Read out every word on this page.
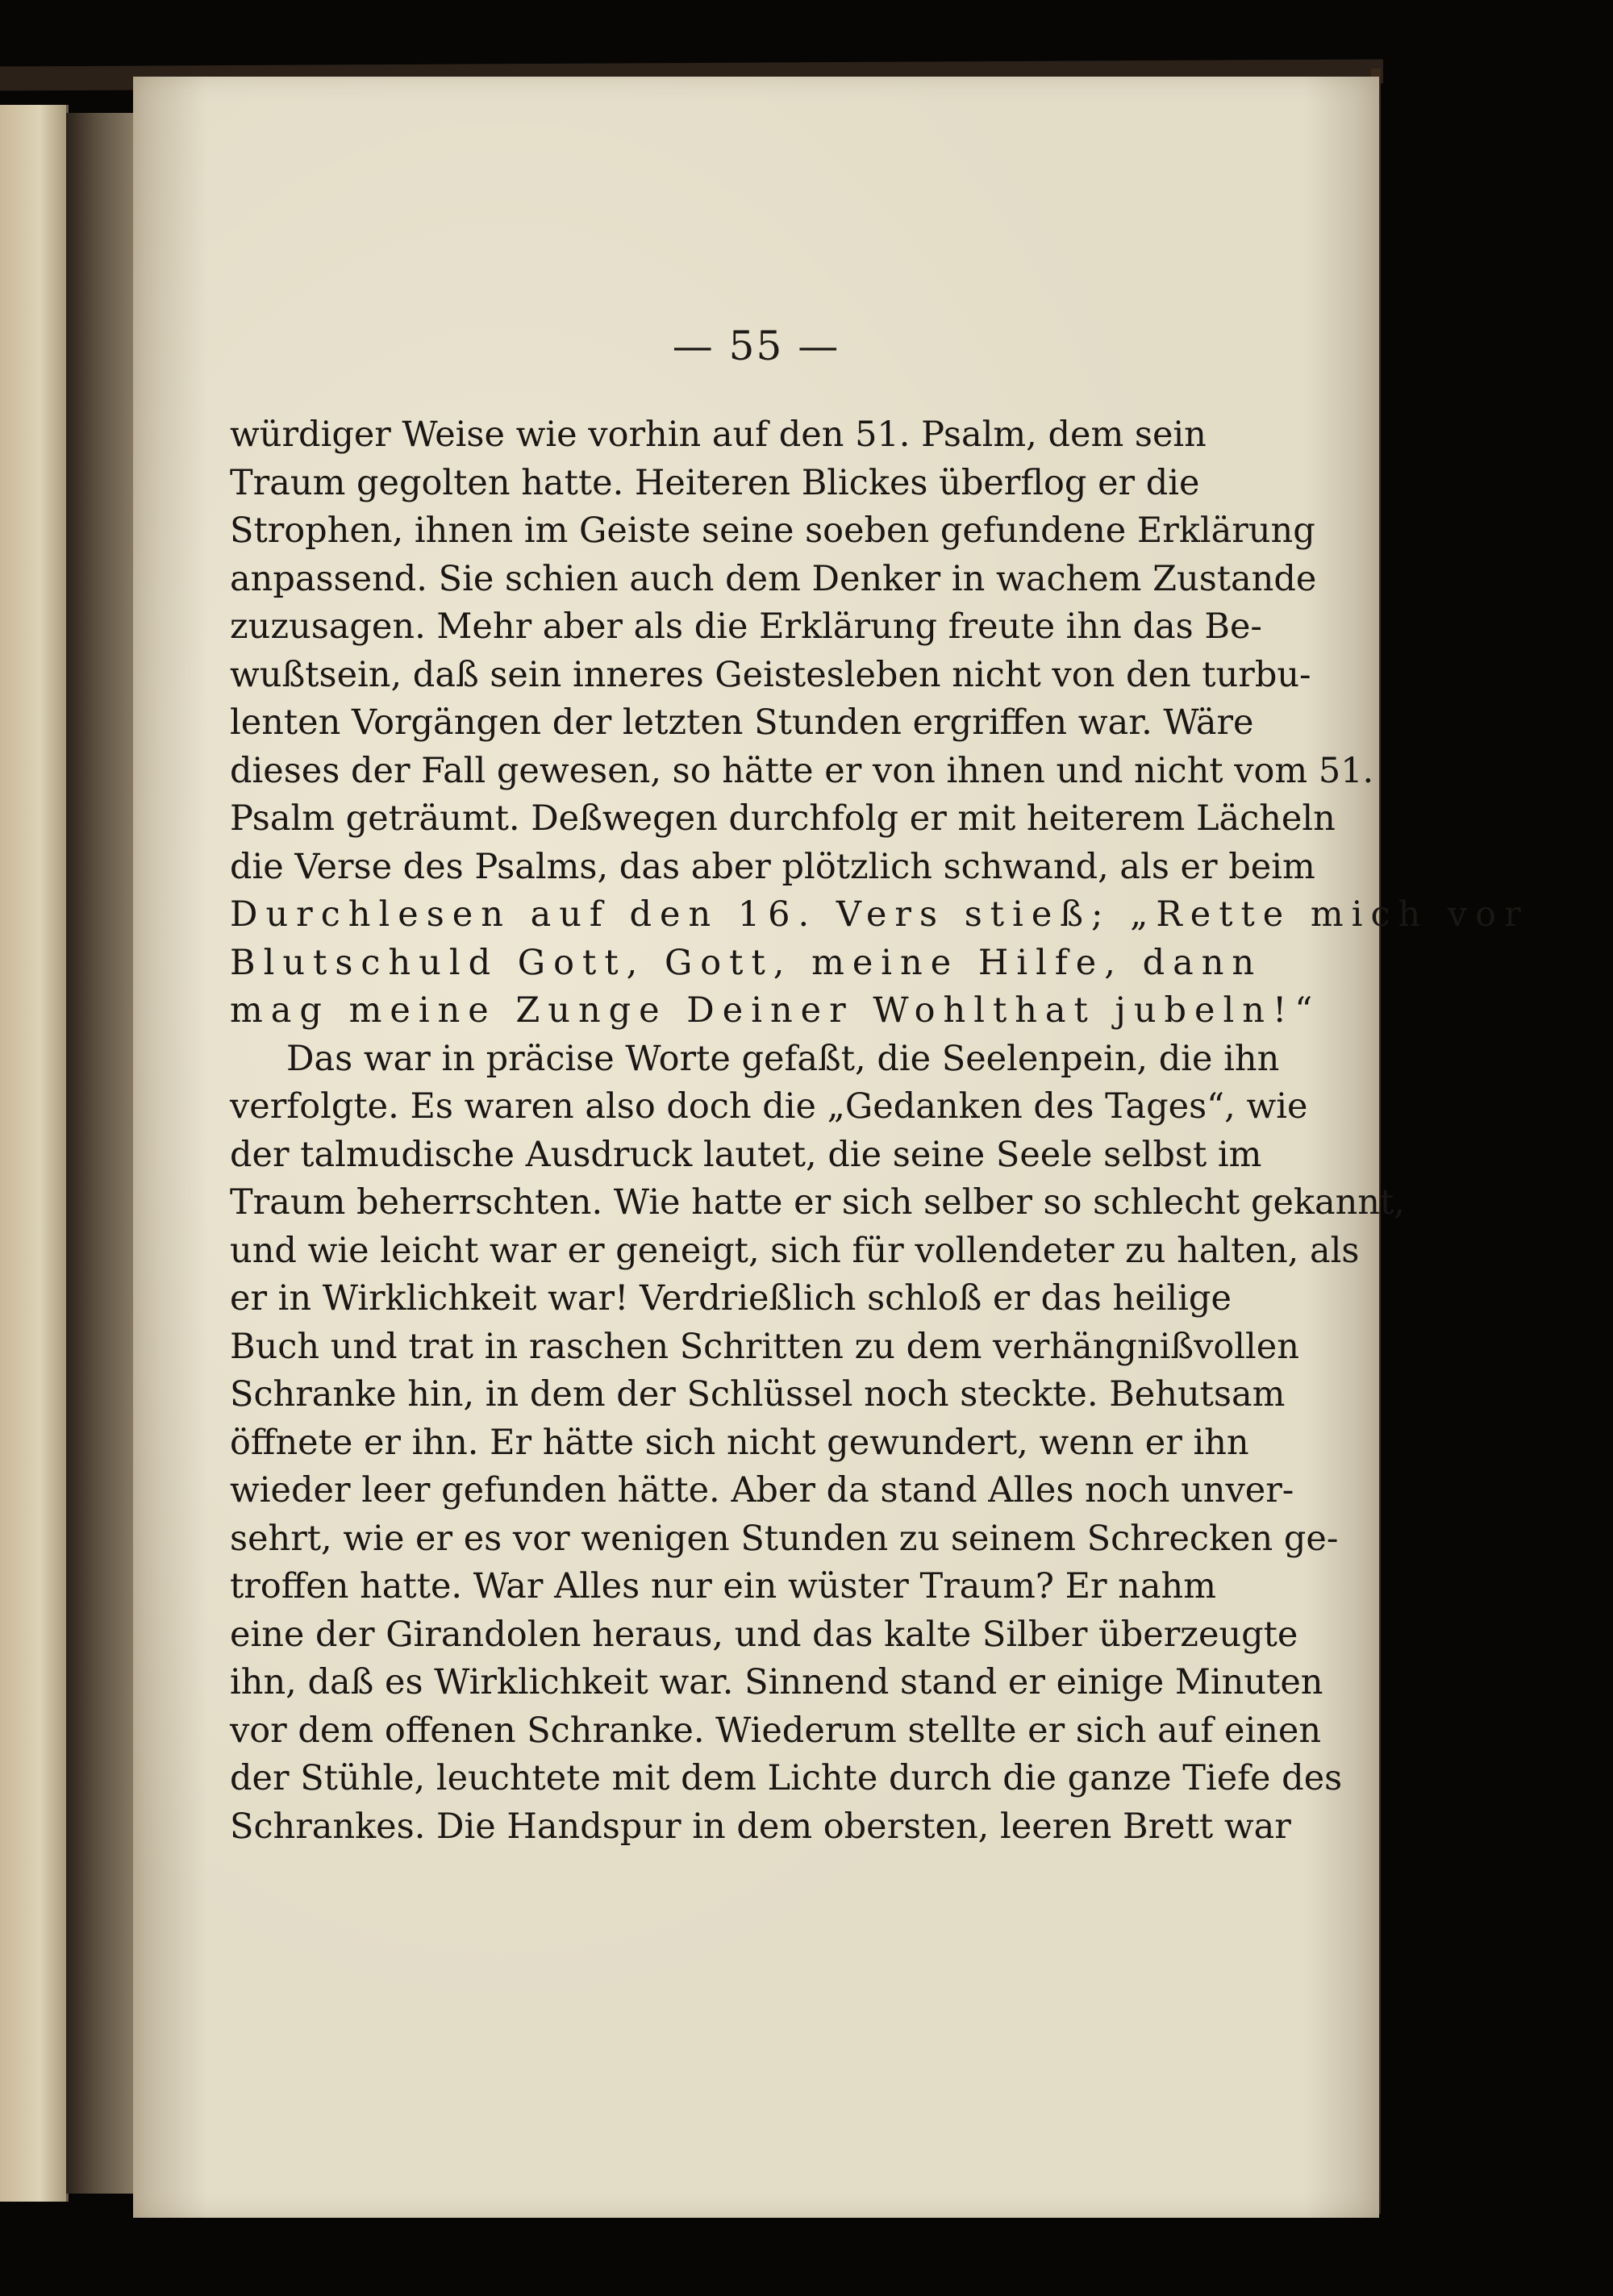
— 55 —
würdiger Weise wie vorhin auf den 51. Psalm, dem sein
Traum gegolten hatte. Heiteren Blickes überflog er die
Strophen, ihnen im Geiste seine soeben gefundene Erklärung
anpassend. Sie schien auch dem Denker in wachem Zustande
zuzusagen. Mehr aber als die Erklärung freute ihn das Be-
wußtsein, daß sein inneres Geistesleben nicht von den turbu-
lenten Vorgängen der letzten Stunden ergriffen war. Wäre
dieses der Fall gewesen, so hätte er von ihnen und nicht vom 51.
Psalm geträumt. Deßwegen durchfolg er mit heiterem Lächeln
die Verse des Psalms, das aber plötzlich schwand, als er beim
Durchlesen auf den 16. Vers stieß; „Rette mich vor
Blutschuld Gott, Gott, meine Hilfe, dann
mag meine Zunge Deiner Wohlthat jubeln!“
Das war in präcise Worte gefaßt, die Seelenpein, die ihn
verfolgte. Es waren also doch die „Gedanken des Tages“, wie
der talmudische Ausdruck lautet, die seine Seele selbst im
Traum beherrschten. Wie hatte er sich selber so schlecht gekannt,
und wie leicht war er geneigt, sich für vollendeter zu halten, als
er in Wirklichkeit war! Verdrießlich schloß er das heilige
Buch und trat in raschen Schritten zu dem verhängnißvollen
Schranke hin, in dem der Schlüssel noch steckte. Behutsam
öffnete er ihn. Er hätte sich nicht gewundert, wenn er ihn
wieder leer gefunden hätte. Aber da stand Alles noch unver-
sehrt, wie er es vor wenigen Stunden zu seinem Schrecken ge-
troffen hatte. War Alles nur ein wüster Traum? Er nahm
eine der Girandolen heraus, und das kalte Silber überzeugte
ihn, daß es Wirklichkeit war. Sinnend stand er einige Minuten
vor dem offenen Schranke. Wiederum stellte er sich auf einen
der Stühle, leuchtete mit dem Lichte durch die ganze Tiefe des
Schrankes. Die Handspur in dem obersten, leeren Brett war
